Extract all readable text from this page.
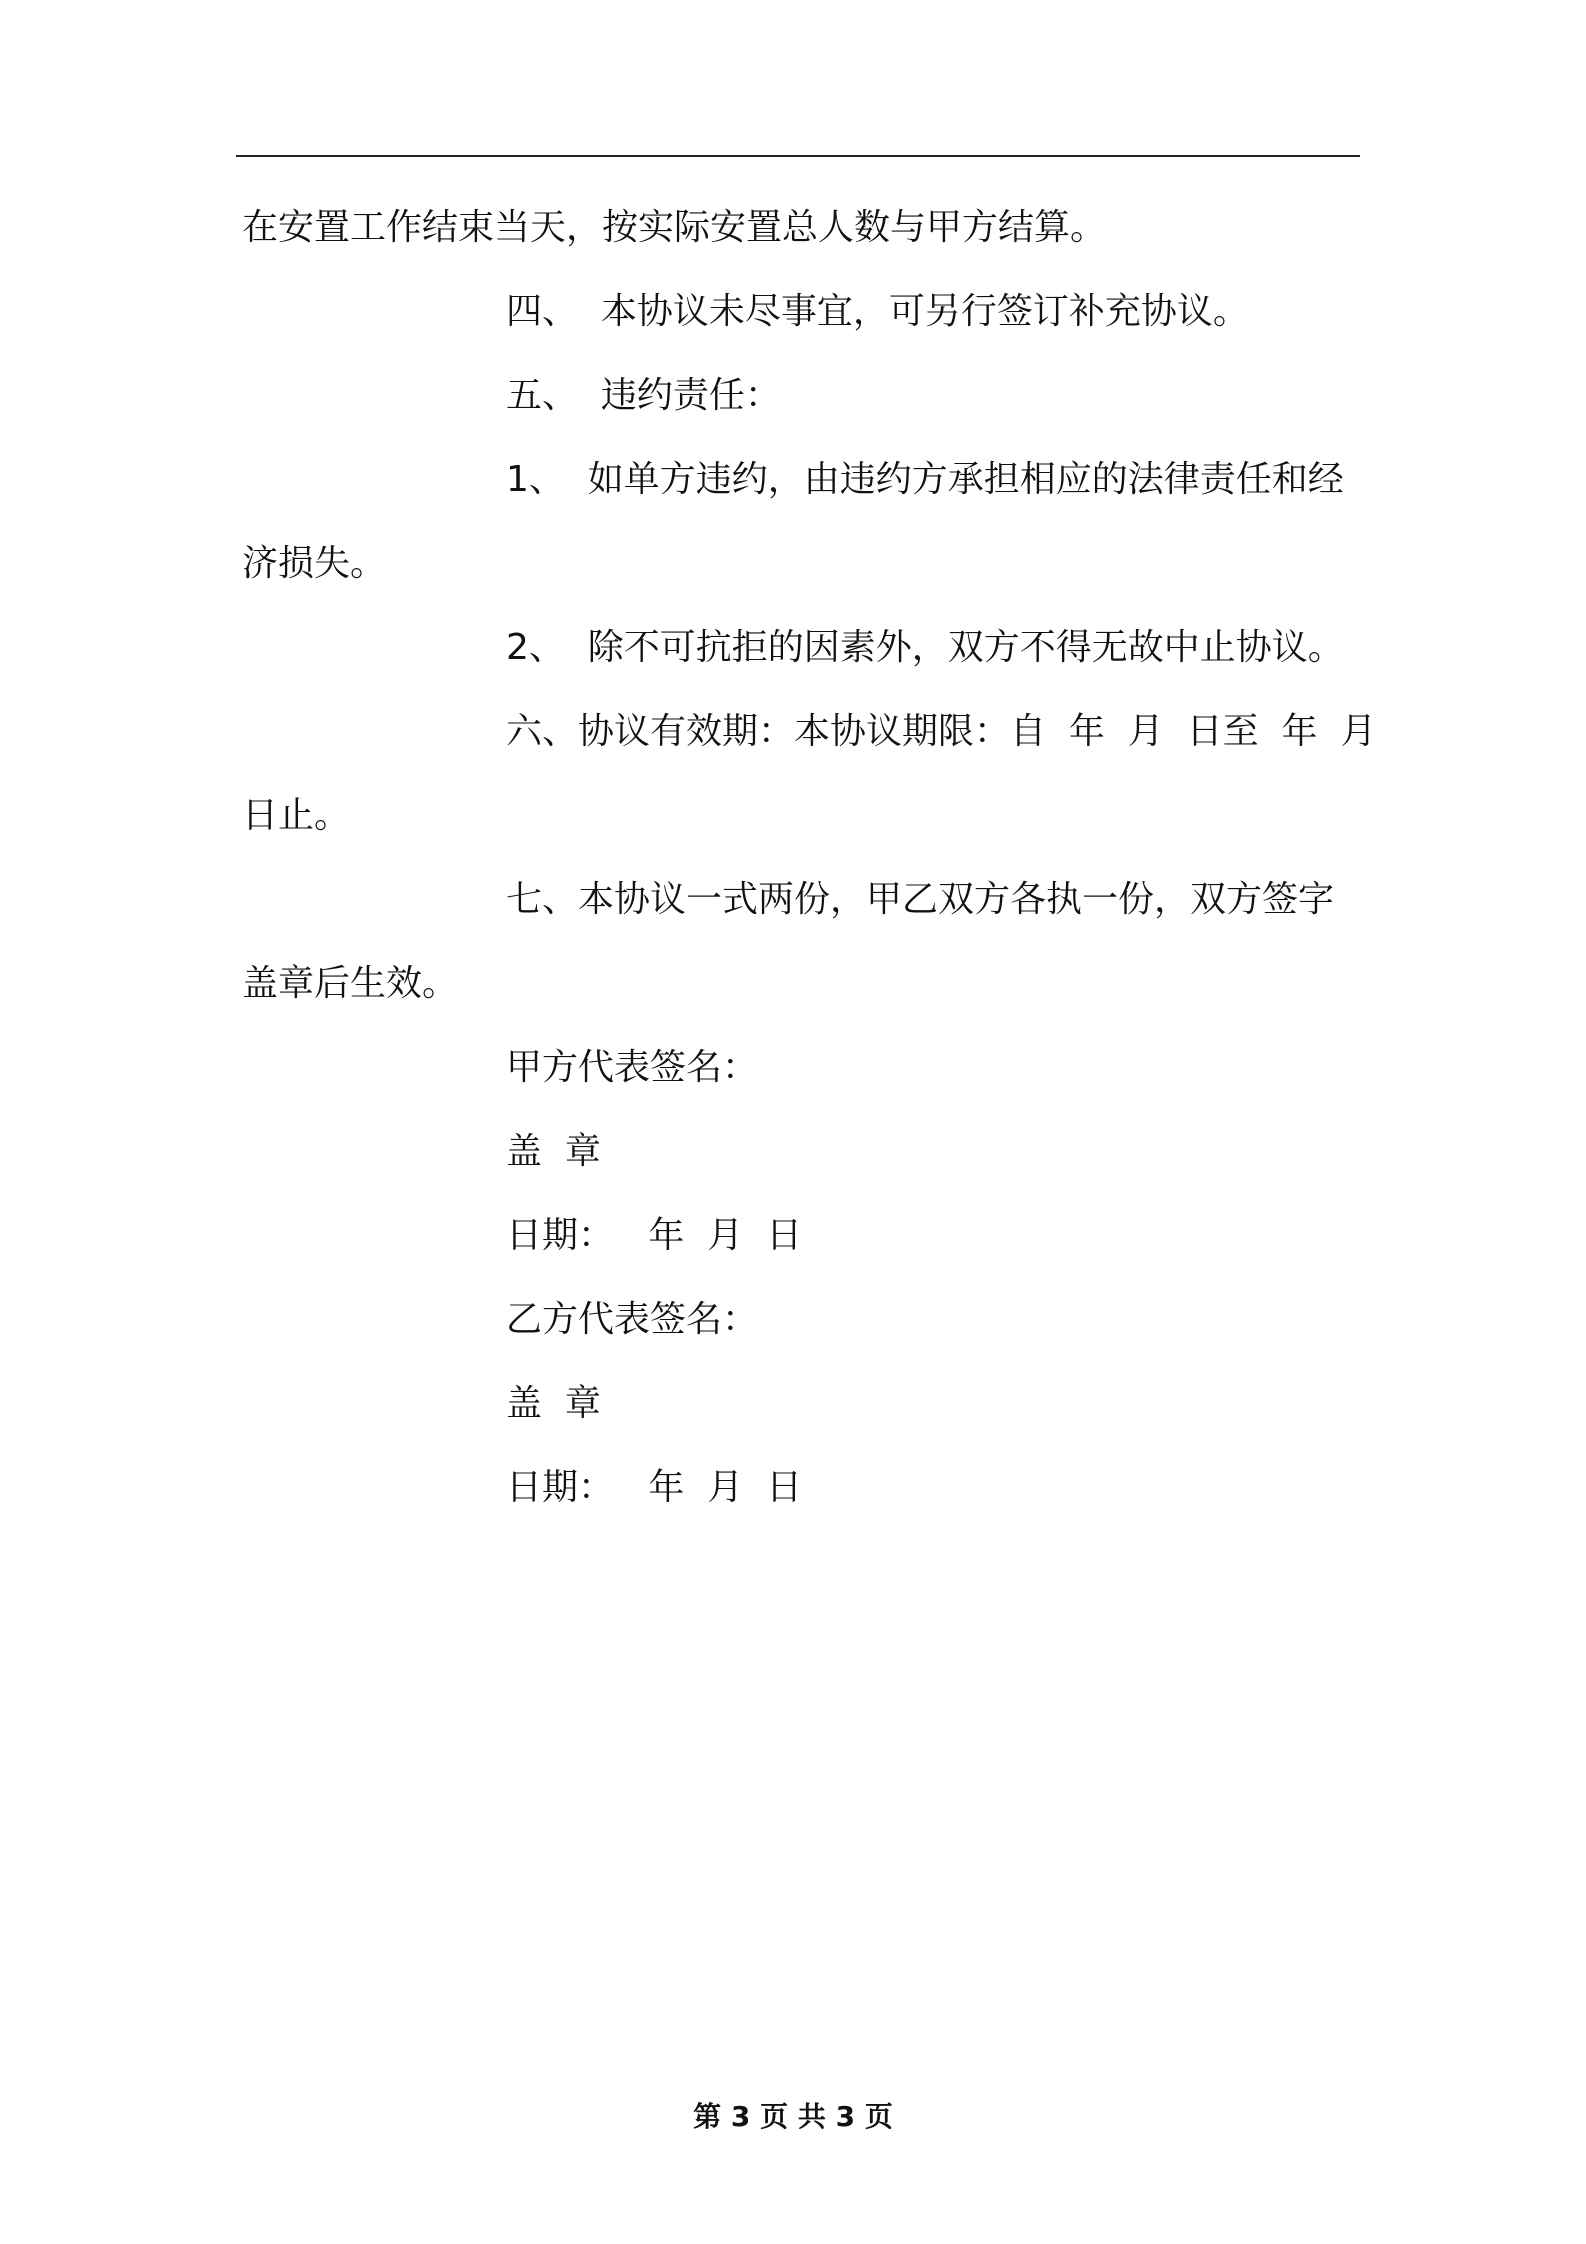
在安置工作结束当天，按实际安置总人数与甲方结算。
四、  本协议未尽事宜，可另行签订补充协议。
五、  违约责任：
1、  如单方违约，由违约方承担相应的法律责任和经
济损失。
2、  除不可抗拒的因素外，双方不得无故中止协议。
六、协议有效期：本协议期限：自  年  月  日至  年  月
日止。
七、本协议一式两份，甲乙双方各执一份，双方签字
盖章后生效。
甲方代表签名：
盖  章
日期：   年  月  日
乙方代表签名：
盖  章
日期：   年  月  日
第 3 页 共 3 页
